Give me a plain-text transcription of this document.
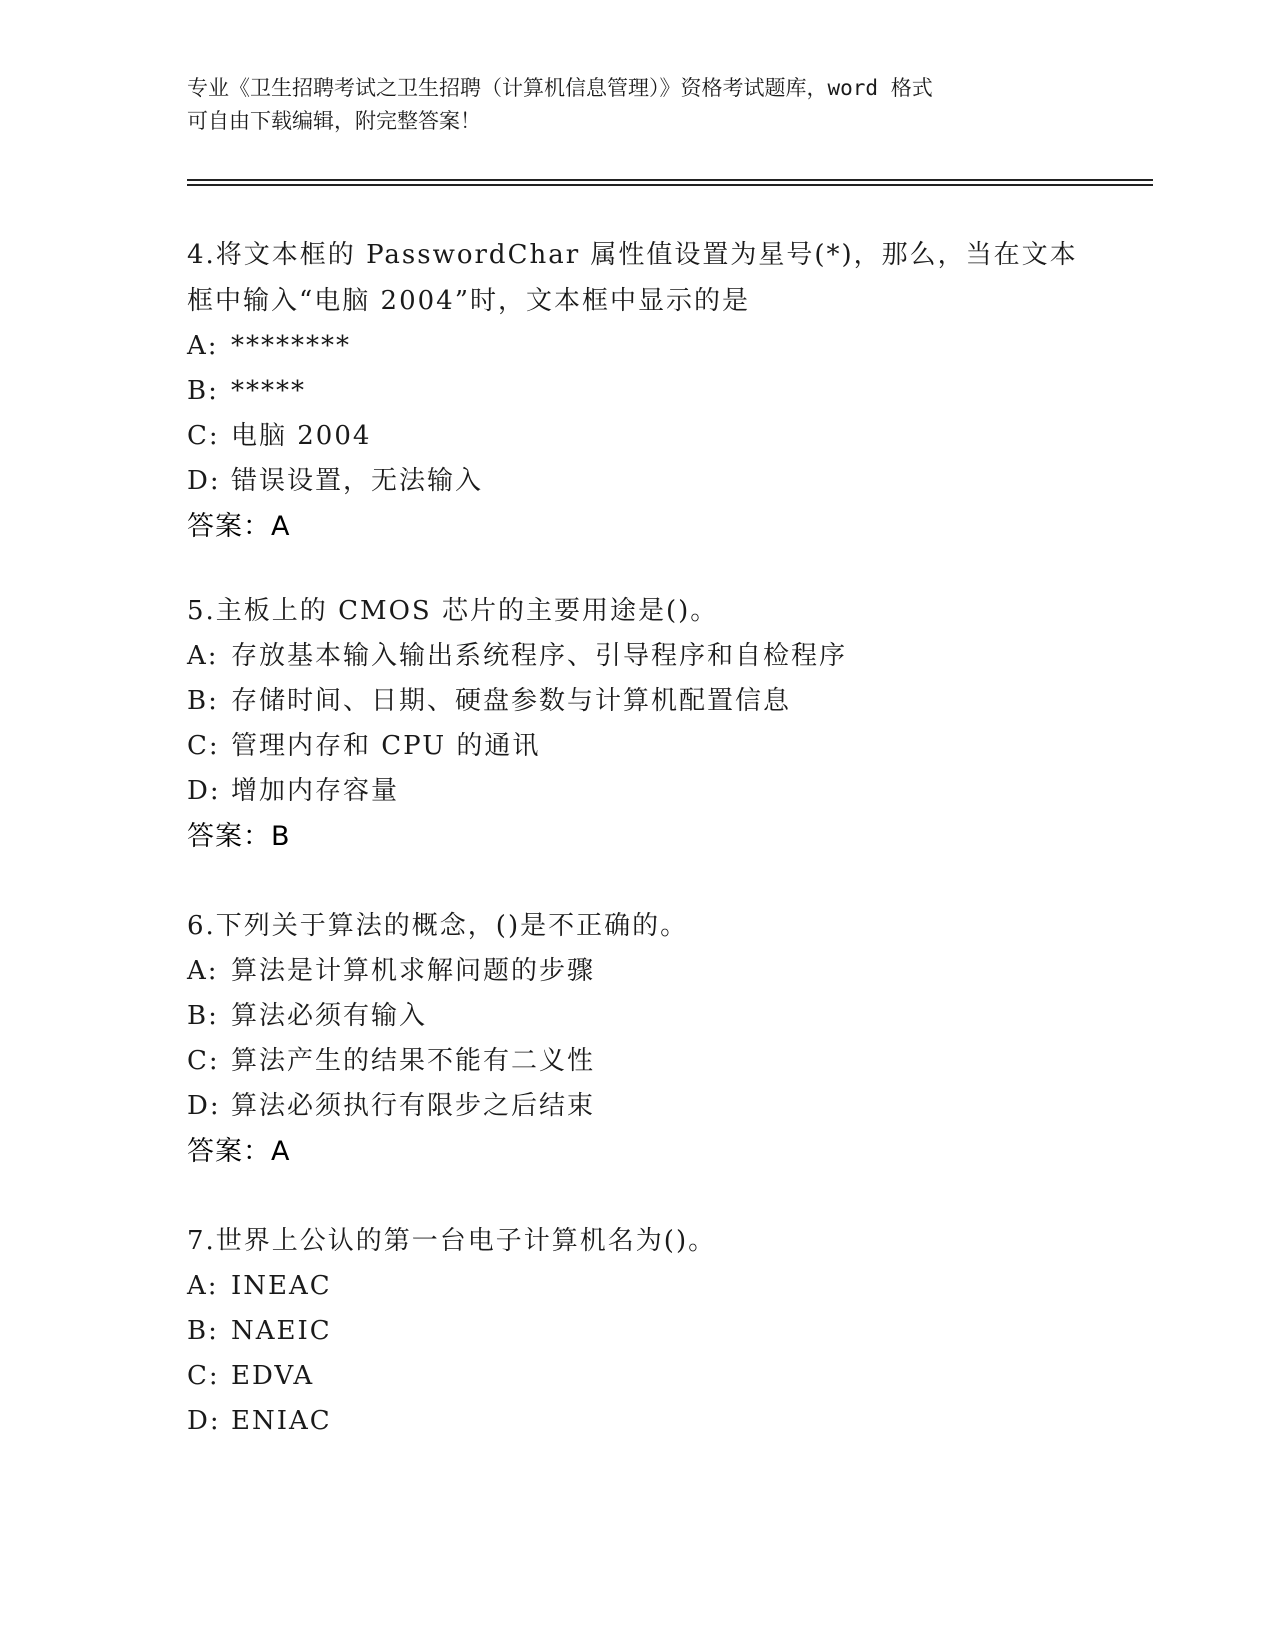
专业《卫生招聘考试之卫生招聘（计算机信息管理）》资格考试题库，word 格式
可自由下载编辑，附完整答案！
4.将文本框的 PasswordChar 属性值设置为星号(*)，那么，当在文本
框中输入“电脑 2004”时，文本框中显示的是
A: ********
B: *****
C: 电脑 2004
D: 错误设置，无法输入
答案：A
5.主板上的 CMOS 芯片的主要用途是()。
A: 存放基本输入输出系统程序、引导程序和自检程序
B: 存储时间、日期、硬盘参数与计算机配置信息
C: 管理内存和 CPU 的通讯
D: 增加内存容量
答案：B
6.下列关于算法的概念，()是不正确的。
A: 算法是计算机求解问题的步骤
B: 算法必须有输入
C: 算法产生的结果不能有二义性
D: 算法必须执行有限步之后结束
答案：A
7.世界上公认的第一台电子计算机名为()。
A: INEAC
B: NAEIC
C: EDVA
D: ENIAC
